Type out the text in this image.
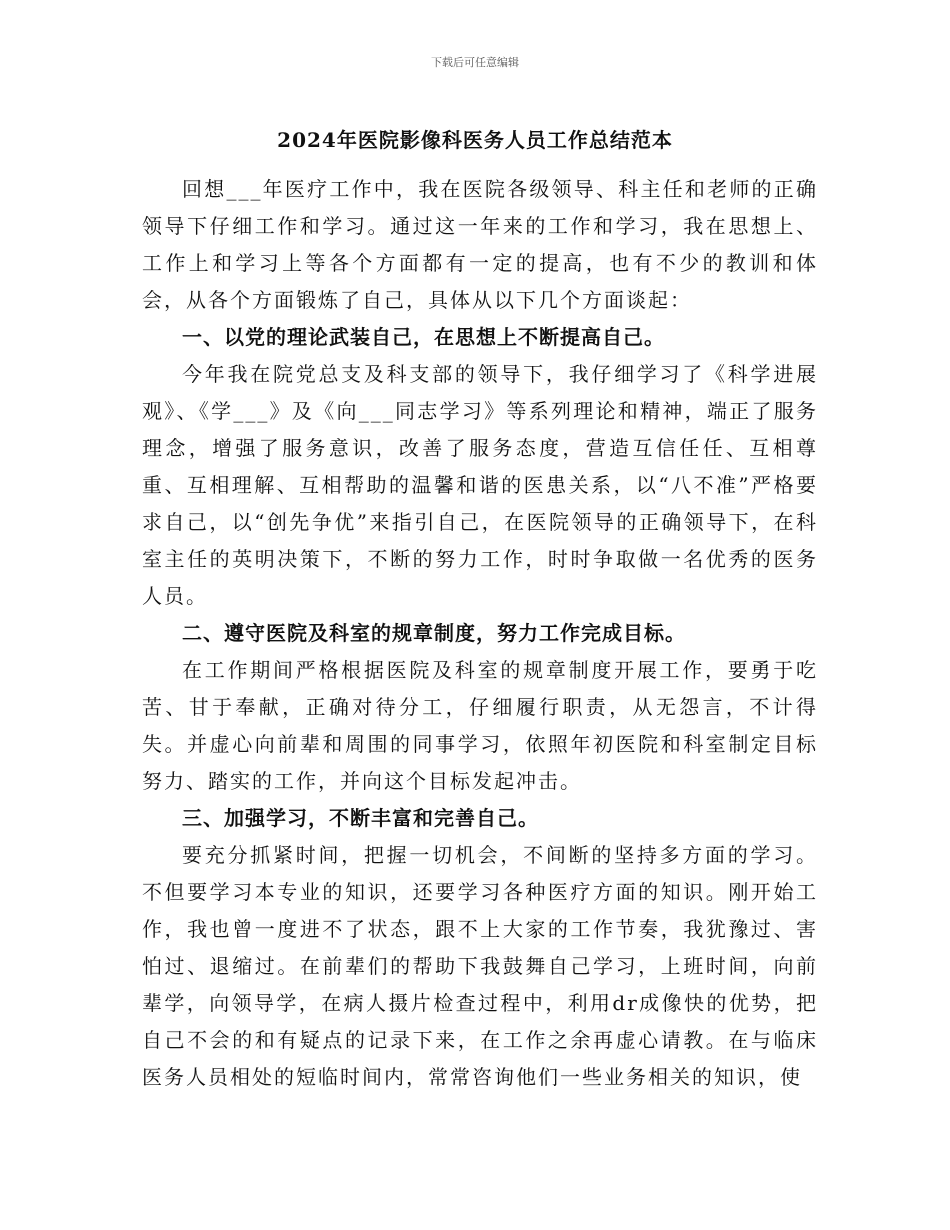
下载后可任意编辑
2024年医院影像科医务人员工作总结范本

回想___年医疗工作中，我在医院各级领导、科主任和老师的正确领导下仔细工作和学习。通过这一年来的工作和学习，我在思想上、工作上和学习上等各个方面都有一定的提高，也有不少的教训和体会，从各个方面锻炼了自己，具体从以下几个方面谈起：

一、以党的理论武装自己，在思想上不断提高自己。

今年我在院党总支及科支部的领导下，我仔细学习了《科学进展观》、《学___》及《向___同志学习》等系列理论和精神，端正了服务理念，增强了服务意识，改善了服务态度，营造互信任任、互相尊重、互相理解、互相帮助的温馨和谐的医患关系，以“八不准”严格要求自己，以“创先争优”来指引自己，在医院领导的正确领导下，在科室主任的英明决策下，不断的努力工作，时时争取做一名优秀的医务人员。

二、遵守医院及科室的规章制度，努力工作完成目标。

在工作期间严格根据医院及科室的规章制度开展工作，要勇于吃苦、甘于奉献，正确对待分工，仔细履行职责，从无怨言，不计得失。并虚心向前辈和周围的同事学习，依照年初医院和科室制定目标努力、踏实的工作，并向这个目标发起冲击。

三、加强学习，不断丰富和完善自己。

要充分抓紧时间，把握一切机会，不间断的坚持多方面的学习。不但要学习本专业的知识，还要学习各种医疗方面的知识。刚开始工作，我也曾一度进不了状态，跟不上大家的工作节奏，我犹豫过、害怕过、退缩过。在前辈们的帮助下我鼓舞自己学习，上班时间，向前辈学，向领导学，在病人摄片检查过程中，利用dr成像快的优势，把自己不会的和有疑点的记录下来，在工作之余再虚心请教。在与临床医务人员相处的短临时间内，常常咨询他们一些业务相关的知识，使
